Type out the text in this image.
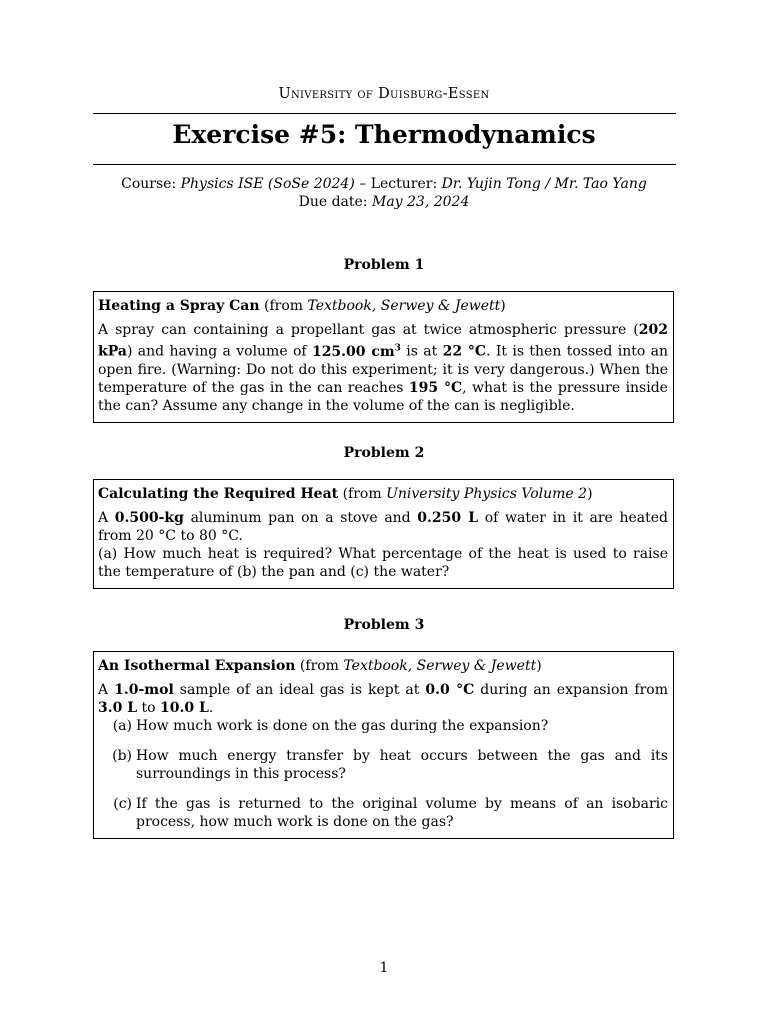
University of Duisburg-Essen
Exercise #5: Thermodynamics
Course: Physics ISE (SoSe 2024) – Lecturer: Dr. Yujin Tong / Mr. Tao Yang
Due date: May 23, 2024
Problem 1
Heating a Spray Can (from Textbook, Serwey & Jewett)

A spray can containing a propellant gas at twice atmospheric pressure (202 kPa) and having a volume of 125.00 $cm^3$ is at 22 °C. It is then tossed into an open fire. (Warning: Do not do this experiment; it is very dangerous.) When the temperature of the gas in the can reaches 195 °C, what is the pressure inside the can? Assume any change in the volume of the can is negligible.

Problem 2
Calculating the Required Heat (from University Physics Volume 2)

A 0.500-kg aluminum pan on a stove and 0.250 L of water in it are heated from 20 °C to 80 °C.

(a) How much heat is required? What percentage of the heat is used to raise the temperature of (b) the pan and (c) the water?

Problem 3
An Isothermal Expansion (from Textbook, Serwey & Jewett)

A 1.0-mol sample of an ideal gas is kept at 0.0 °C during an expansion from 3.0 L to 10.0 L.

(a) How much work is done on the gas during the expansion?
(b) How much energy transfer by heat occurs between the gas and its surroundings in this process?
(c) If the gas is returned to the original volume by means of an isobaric process, how much work is done on the gas?
1
